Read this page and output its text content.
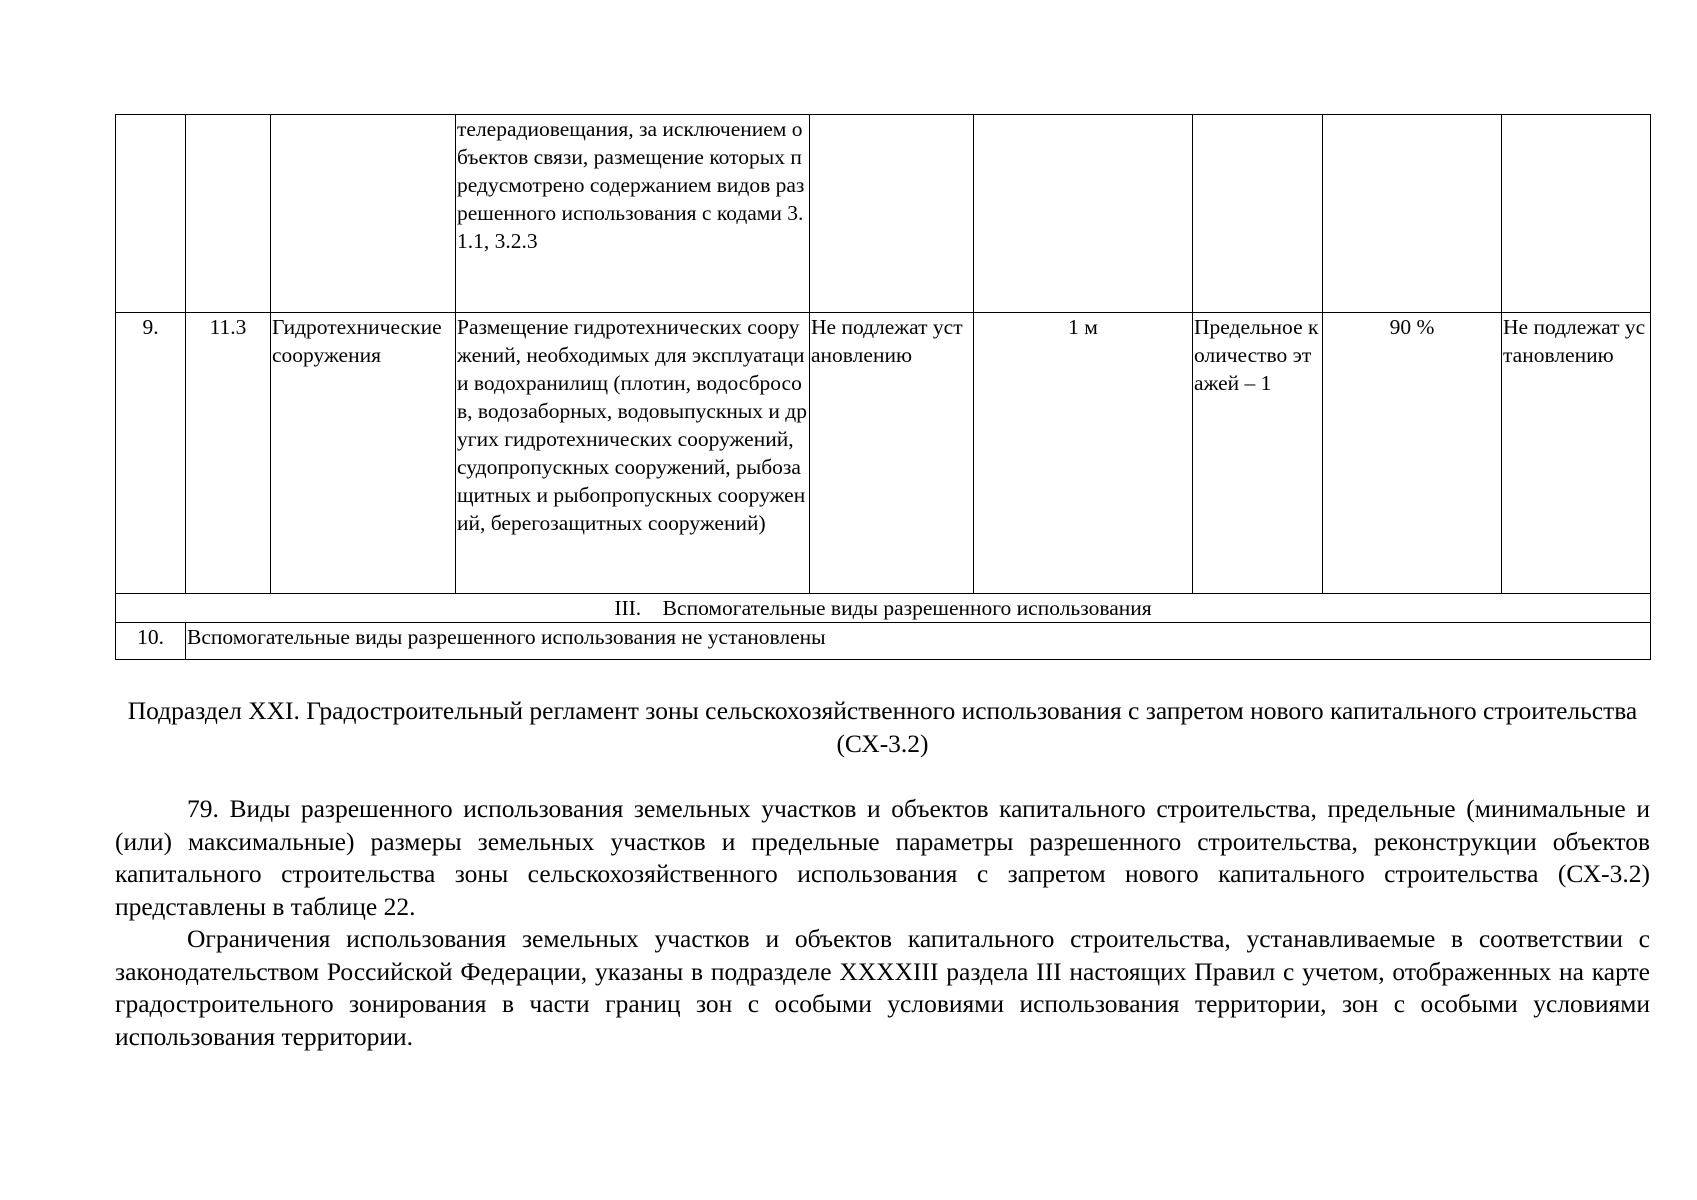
			телерадиовещания, за исключением объектов связи, размещение которых предусмотрено содержанием видов разрешенного использования с кодами 3.1.1, 3.2.3					
9.	11.3	Гидротехнические сооружения	Размещение гидротехнических сооружений, необходимых для эксплуатации водохранилищ (плотин, водосбросов, водозаборных, водовыпускных и других гидротехнических сооружений, судопропускных сооружений, рыбозащитных и рыбопропускных сооружений, берегозащитных сооружений)	Не подлежат установлению	1 м	Предельное количество этажей – 1	90 %	Не подлежат установлению
III.    Вспомогательные виды разрешенного использования								
10.	Вспомогательные виды разрешенного использования не установлены							
Подраздел XXI. Градостроительный регламент зоны сельскохозяйственного использования с запретом нового капитального строительства (СХ-3.2)

79. Виды разрешенного использования земельных участков и объектов капитального строительства, предельные (минимальные и (или) максимальные) размеры земельных участков и предельные параметры разрешенного строительства, реконструкции объектов капитального строительства зоны сельскохозяйственного использования с запретом нового капитального строительства (СХ-3.2) представлены в таблице 22.

Ограничения использования земельных участков и объектов капитального строительства, устанавливаемые в соответствии с законодательством Российской Федерации, указаны в подразделе XXXXIII раздела III настоящих Правил с учетом, отображенных на карте градостроительного зонирования в части границ зон с особыми условиями использования территории, зон с особыми условиями использования территории.
